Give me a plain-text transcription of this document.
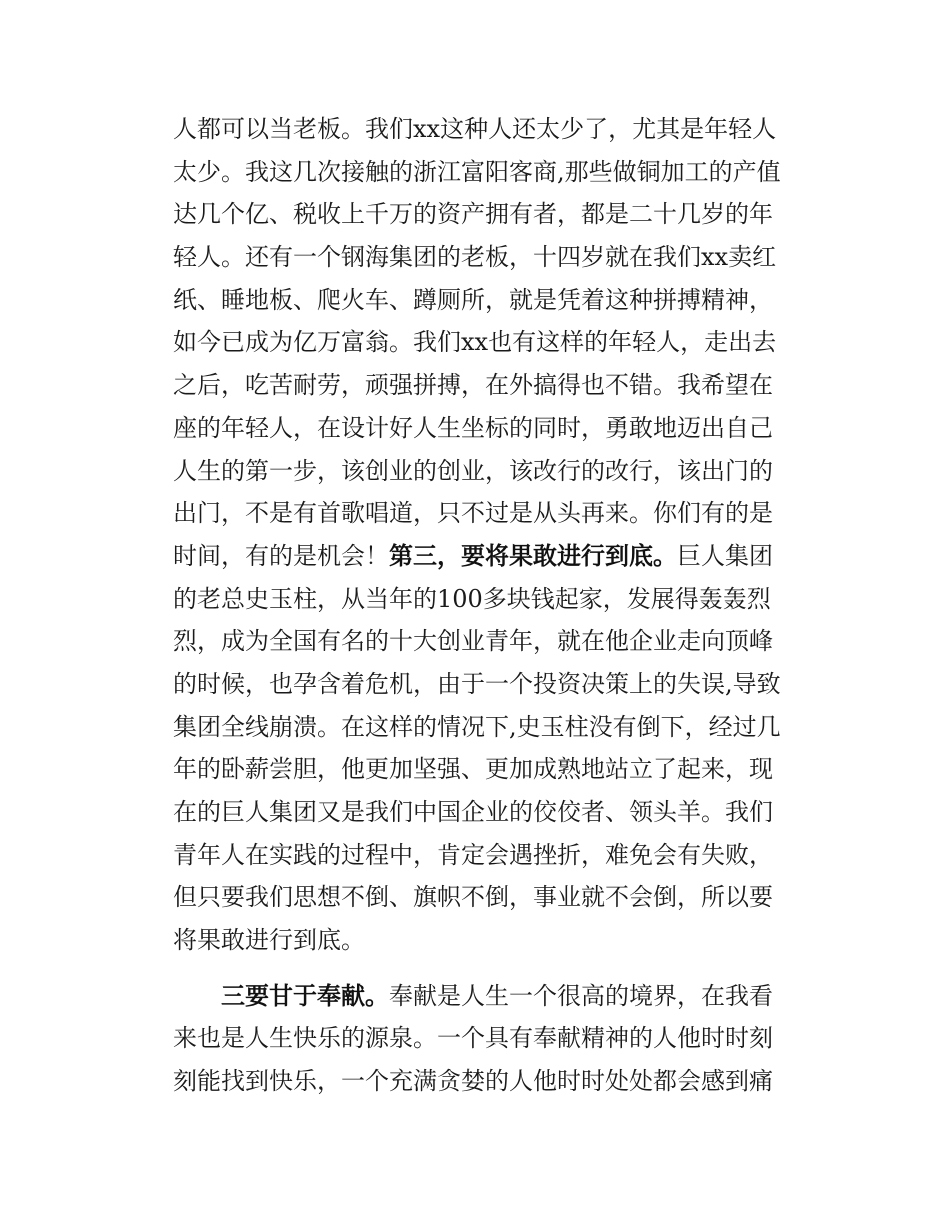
人都可以当老板。我们xx这种人还太少了，尤其是年轻人
太少。我这几次接触的浙江富阳客商,那些做铜加工的产值
达几个亿、税收上千万的资产拥有者，都是二十几岁的年
轻人。还有一个钢海集团的老板，十四岁就在我们xx卖红
纸、睡地板、爬火车、蹲厕所，就是凭着这种拼搏精神，
如今已成为亿万富翁。我们xx也有这样的年轻人，走出去
之后，吃苦耐劳，顽强拼搏，在外搞得也不错。我希望在
座的年轻人，在设计好人生坐标的同时，勇敢地迈出自己
人生的第一步，该创业的创业，该改行的改行，该出门的
出门，不是有首歌唱道，只不过是从头再来。你们有的是
时间，有的是机会！第三，要将果敢进行到底。巨人集团
的老总史玉柱，从当年的100多块钱起家，发展得轰轰烈
烈，成为全国有名的十大创业青年，就在他企业走向顶峰
的时候，也孕含着危机，由于一个投资决策上的失误,导致
集团全线崩溃。在这样的情况下,史玉柱没有倒下，经过几
年的卧薪尝胆，他更加坚强、更加成熟地站立了起来，现
在的巨人集团又是我们中国企业的佼佼者、领头羊。我们
青年人在实践的过程中，肯定会遇挫折，难免会有失败，
但只要我们思想不倒、旗帜不倒，事业就不会倒，所以要
将果敢进行到底。
三要甘于奉献。奉献是人生一个很高的境界，在我看
来也是人生快乐的源泉。一个具有奉献精神的人他时时刻
刻能找到快乐，一个充满贪婪的人他时时处处都会感到痛
